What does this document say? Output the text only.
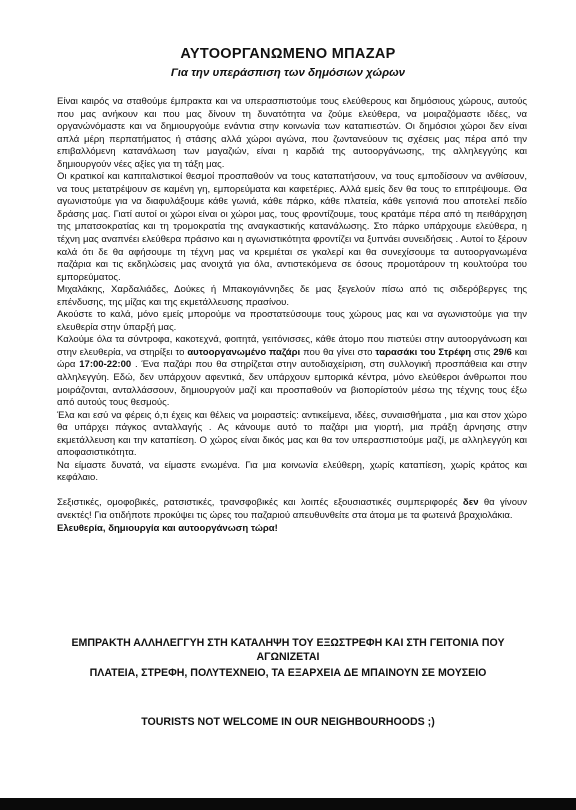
ΑΥΤΟΟΡΓΑΝΩΜΕΝΟ ΜΠΑΖΑΡ
Για την υπεράσπιση των δημόσιων χώρων

Είναι καιρός να σταθούμε έμπρακτα και να υπερασπιστούμε τους ελεύθερους και δημόσιους χώρους, αυτούς που μας ανήκουν και που μας δίνουν τη δυνατότητα να ζούμε ελεύθερα, να μοιραζόμαστε ιδέες, να οργανώνόμαστε και να δημιουργούμε ενάντια στην κοινωνία των καταπιεστών. Οι δημόσιοι χώροι δεν είναι απλά μέρη περπατήματος ή στάσης αλλά χώροι αγώνα, που ζωντανεύουν τις σχέσεις μας πέρα από την επιβαλλόμενη κατανάλωση των μαγαζιών, είναι η καρδιά της αυτοοργάνωσης, της αλληλεγγύης και δημιουργούν νέες αξίες για τη τάξη μας.

Οι κρατικοί και καπιταλιστικοί θεσμοί προσπαθούν να τους καταπατήσουν, να τους εμποδίσουν να ανθίσουν, να τους μετατρέψουν σε καμένη γη, εμπορεύματα και καφετέριες. Αλλά εμείς δεν θα τους το επιτρέψουμε. Θα αγωνιστούμε για να διαφυλάξουμε κάθε γωνιά, κάθε πάρκο, κάθε πλατεία, κάθε γειτονιά που αποτελεί πεδίο δράσης μας. Γιατί αυτοί οι χώροι είναι οι χώροι μας, τους φροντίζουμε, τους κρατάμε πέρα από τη πειθάρχηση της μπατσοκρατίας και τη τρομοκρατία της αναγκαστικής κατανάλωσης. Στο πάρκο υπάρχουμε ελεύθερα, η τέχνη μας αναπνέει ελεύθερα πράσινο και η αγωνιστικότητα φροντίζει να ξυπνάει συνειδήσεις . Αυτοί το ξέρουν καλά ότι δε θα αφήσουμε τη τέχνη μας να κρεμιέται σε γκαλερί και θα συνεχίσουμε τα αυτοοργανωμένα παζάρια και τις εκδηλώσεις μας ανοιχτά για όλα, αντιστεκόμενα σε όσους προμοτάρουν τη κουλτούρα του εμπορεύματος.

Μιχαλάκης, Χαρδαλιάδες, Δούκες ή Μπακογιάννηδες δε μας ξεγελούν πίσω από τις σιδερόβεργες της επένδυσης, της μίζας και της εκμετάλλευσης πρασίνου.

Ακούστε το καλά, μόνο εμείς μπορούμε να προστατεύσουμε τους χώρους μας και να αγωνιστούμε για την ελευθερία στην ύπαρξή μας.

Καλούμε όλα τα σύντροφα, κακοτεχνά, φοιτητά, γειτόνισσες, κάθε άτομο που πιστεύει στην αυτοοργάνωση και στην ελευθερία, να στηρίξει το αυτοοργανωμένο παζάρι που θα γίνει στο ταρασάκι του Στρέφη στις 29/6 και ώρα 17:00-22:00 . Ένα παζάρι που θα στηρίζεται στην αυτοδιαχείριση, στη συλλογική προσπάθεια και στην αλληλεγγύη. Εδώ, δεν υπάρχουν αφεντικά, δεν υπάρχουν εμπορικά κέντρα, μόνο ελεύθεροι άνθρωποι που μοιράζονται, ανταλλάσσουν, δημιουργούν μαζί και προσπαθούν να βιοπορίστούν μέσω της τέχνης τους έξω από αυτούς τους θεσμούς.

Έλα και εσύ να φέρεις ό,τι έχεις και θέλεις να μοιραστείς: αντικείμενα, ιδέες, συναισθήματα , μια και στον χώρο θα υπάρχει πάγκος ανταλλαγής . Ας κάνουμε αυτό το παζάρι μια γιορτή, μια πράξη άρνησης στην εκμετάλλευση και την καταπίεση. Ο χώρος είναι δικός μας και θα τον υπερασπιστούμε μαζί, με αλληλεγγύη και αποφασιστικότητα.

Να είμαστε δυνατά, να είμαστε ενωμένα. Για μια κοινωνία ελεύθερη, χωρίς καταπίεση, χωρίς κράτος και κεφάλαιο.

Σεξιστικές, ομοφοβικές, ρατσιστικές, τρανσφοβικές και λοιπές εξουσιαστικές συμπεριφορές δεν θα γίνουν ανεκτές! Για οτιδήποτε προκύψει τις ώρες του παζαριού απευθυνθείτε στα άτομα με τα φωτεινά βραχιολάκια.

Ελευθερία, δημιουργία και αυτοοργάνωση τώρα!

ΕΜΠΡΑΚΤΗ ΑΛΛΗΛΕΓΓΥΗ ΣΤΗ ΚΑΤΑΛΗΨΗ ΤΟΥ ΕΞΩΣΤΡΕΦΗ ΚΑΙ ΣΤΗ ΓΕΙΤΟΝΙΑ ΠΟΥ ΑΓΩΝΙΖΕΤΑΙ
ΠΛΑΤΕΙΑ, ΣΤΡΕΦΗ, ΠΟΛΥΤΕΧΝΕΙΟ, ΤΑ ΕΞΑΡΧΕΙΑ ΔΕ ΜΠΑΙΝΟΥΝ ΣΕ ΜΟΥΣΕΙΟ
TOURISTS NOT WELCOME IN OUR NEIGHBOURHOODS ;)
